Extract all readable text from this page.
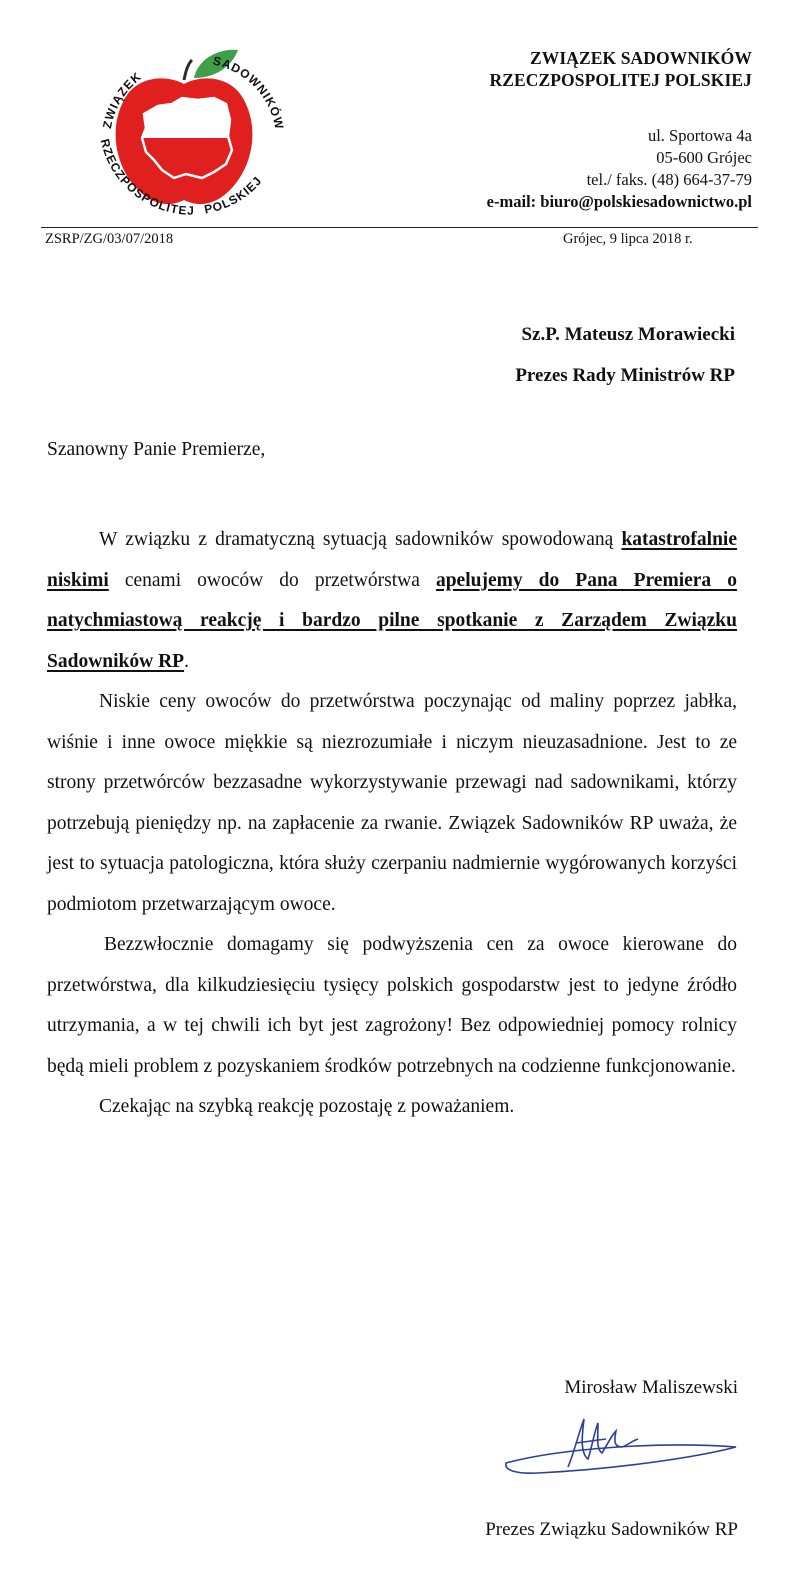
ZWIĄZEK
SADOWNIKÓW
RZECZPOSPOLITEJ POLSKIEJ
ZWIĄZEK SADOWNIKÓW
RZECZPOSPOLITEJ POLSKIEJ
ul. Sportowa 4a
05-600 Grójec
tel./ faks. (48) 664-37-79
e-mail: biuro@polskiesadownictwo.pl
ZSRP/ZG/03/07/2018	Grójec, 9 lipca 2018 r.
Sz.P. Mateusz Morawiecki
Prezes Rady Ministrów RP
Szanowny Panie Premierze,

W związku z dramatyczną sytuacją sadowników spowodowaną katastrofalnie niskimi cenami owoców do przetwórstwa apelujemy do Pana Premiera o natychmiastową reakcję i bardzo pilne spotkanie z Zarządem Związku Sadowników RP.

Niskie ceny owoców do przetwórstwa poczynając od maliny poprzez jabłka, wiśnie i inne owoce miękkie są niezrozumiałe i niczym nieuzasadnione. Jest to ze strony przetwórców bezzasadne wykorzystywanie przewagi nad sadownikami, którzy potrzebują pieniędzy np. na zapłacenie za rwanie. Związek Sadowników RP uważa, że jest to sytuacja patologiczna, która służy czerpaniu nadmiernie wygórowanych korzyści podmiotom przetwarzającym owoce.

Bezzwłocznie domagamy się podwyższenia cen za owoce kierowane do przetwórstwa, dla kilkudziesięciu tysięcy polskich gospodarstw jest to jedyne źródło utrzymania, a w tej chwili ich byt jest zagrożony! Bez odpowiedniej pomocy rolnicy będą mieli problem z pozyskaniem środków potrzebnych na codzienne funkcjonowanie.

Czekając na szybką reakcję pozostaję z poważaniem.

Mirosław Maliszewski
Prezes Związku Sadowników RP
